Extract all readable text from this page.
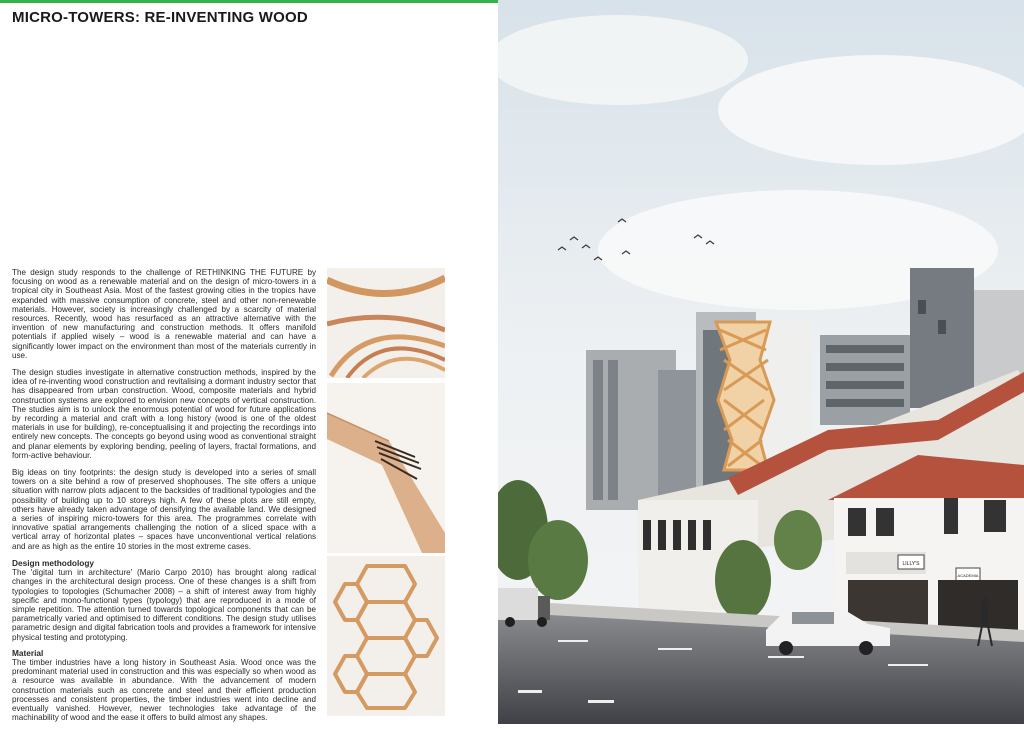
MICRO-TOWERS: RE-INVENTING WOOD

The design study responds to the challenge of RETHINKING THE FUTURE by focusing on wood as a renewable material and on the design of micro-towers in a tropical city in Southeast Asia. Most of the fastest growing cities in the tropics have expanded with massive consumption of concrete, steel and other non-renewable materials. However, society is increasingly challenged by a scarcity of material resources. Recently, wood has resurfaced as an attractive alternative with the invention of new manufacturing and construction methods. It offers manifold potentials if applied wisely – wood is a renewable material and can have a significantly lower impact on the environment than most of the materials currently in use.

The design studies investigate in alternative construction methods, inspired by the idea of re-inventing wood construction and revitalising a dormant industry sector that has disappeared from urban construction. Wood, composite materials and hybrid construction systems are explored to envision new concepts of vertical construction. The studies aim is to unlock the enormous potential of wood for future applications by recording a material and craft with a long history (wood is one of the oldest materials in use for building), re-conceptualising it and projecting the recordings into entirely new concepts. The concepts go beyond using wood as conventional straight and planar elements by exploring bending, peeling of layers, fractal formations, and form-active behaviour.

Big ideas on tiny footprints: the design study is developed into a series of small towers on a site behind a row of preserved shophouses. The site offers a unique situation with narrow plots adjacent to the backsides of traditional typologies and the possibility of building up to 10 storeys high. A few of these plots are still empty, others have already taken advantage of densifying the available land. We designed a series of inspiring micro-towers for this area. The programmes correlate with innovative spatial arrangements challenging the notion of a sliced space with a vertical array of horizontal plates – spaces have unconventional vertical relations and are as high as the entire 10 stories in the most extreme cases.

Design methodology
The 'digital turn in architecture' (Mario Carpo 2010) has brought along radical changes in the architectural design process. One of these changes is a shift from typologies to topologies (Schumacher 2008) – a shift of interest away from highly specific and mono-functional types (typology) that are reproduced in a mode of simple repetition. The attention turned towards topological components that can be parametrically varied and optimised to different conditions. The design study utilises parametric design and digital fabrication tools and provides a framework for intensive physical testing and prototyping.
Material
The timber industries have a long history in Southeast Asia. Wood once was the predominant material used in construction and this was especially so when wood as a resource was available in abundance. With the advancement of modern construction materials such as concrete and steel and their efficient production processes and consistent properties, the timber industries went into decline and eventually vanished. However, newer technologies take advantage of the machinability of wood and the ease it offers to build almost any shapes.
LILLY'S
ACADEMIA
